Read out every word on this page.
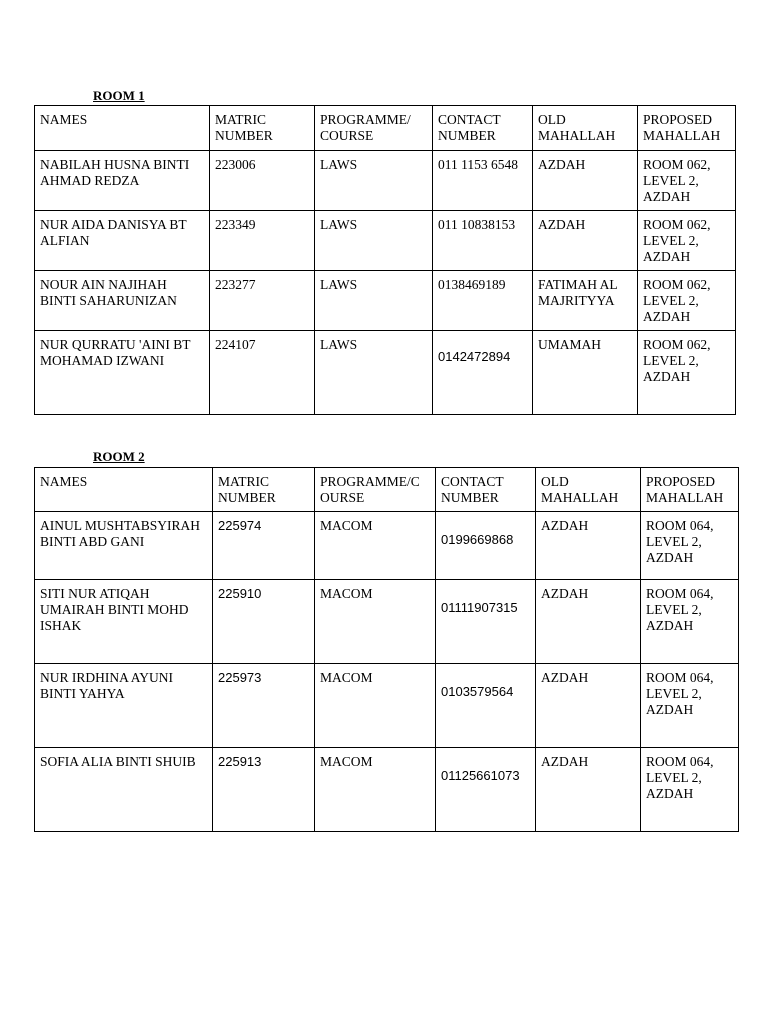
ROOM 1
NAMES	MATRIC NUMBER	PROGRAMME/ COURSE	CONTACT NUMBER	OLD MAHALLAH	PROPOSED MAHALLAH
NABILAH HUSNA BINTI AHMAD REDZA	223006	LAWS	011 1153 6548	AZDAH	ROOM 062, LEVEL 2, AZDAH
NUR AIDA DANISYA BT ALFIAN	223349	LAWS	011 10838153	AZDAH	ROOM 062, LEVEL 2, AZDAH
NOUR AIN NAJIHAH BINTI SAHARUNIZAN	223277	LAWS	0138469189	FATIMAH AL MAJRITYYA	ROOM 062, LEVEL 2, AZDAH
NUR QURRATU 'AINI BT MOHAMAD IZWANI	224107	LAWS	0142472894	UMAMAH	ROOM 062, LEVEL 2, AZDAH
ROOM 2
NAMES	MATRIC NUMBER	PROGRAMME/C OURSE	CONTACT NUMBER	OLD MAHALLAH	PROPOSED MAHALLAH
AINUL MUSHTABSYIRAH BINTI ABD GANI	225974	MACOM	0199669868	AZDAH	ROOM 064, LEVEL 2, AZDAH
SITI NUR ATIQAH UMAIRAH BINTI MOHD ISHAK	225910	MACOM	01111907315	AZDAH	ROOM 064, LEVEL 2, AZDAH
NUR IRDHINA AYUNI BINTI YAHYA	225973	MACOM	0103579564	AZDAH	ROOM 064, LEVEL 2, AZDAH
SOFIA ALIA BINTI SHUIB	225913	MACOM	01125661073	AZDAH	ROOM 064, LEVEL 2, AZDAH
